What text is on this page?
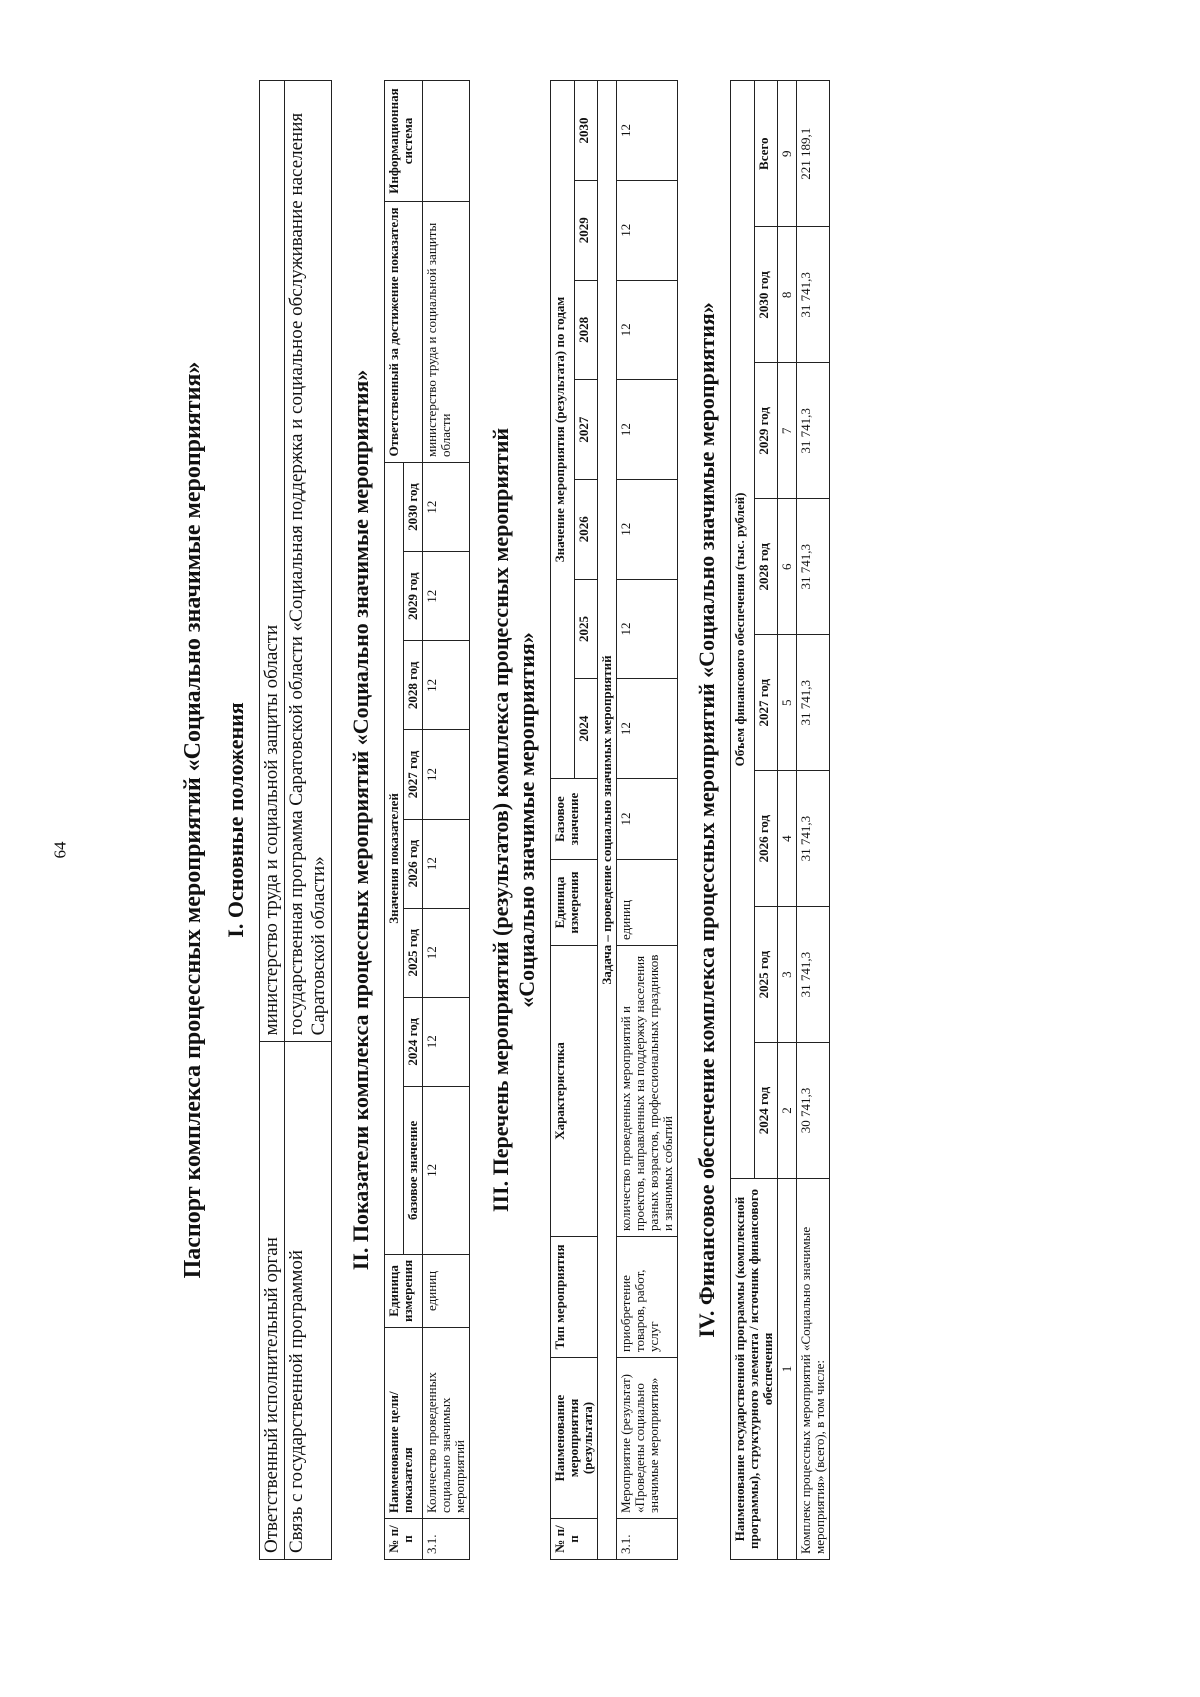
64	Паспорт комплекса процессных мероприятий «Социально значимые мероприятия» I. Основные положения
Ответственный исполнительный орган	министерство труда и социальной защиты области
Связь с государственной программой	государственная программа Саратовской области «Социальная поддержка и социальное обслуживание населения Саратовской области» II. Показатели комплекса процессных мероприятий «Социально значимые мероприятия»
№ п/п	Наименование цели/показателя	Единица измерения	Значения показателей								Ответственный за достижение показателя	Информационная система
			базовое значение	2024 год	2025 год	2026 год	2027 год	2028 год	2029 год	2030 год		
3.1.	Количество проведенных социально значимых мероприятий	единиц	12	12	12	12	12	12	12	12	министерство труда и социальной защиты области	III. Перечень мероприятий (результатов) комплекса процессных мероприятий «Социально значимые мероприятия»
№ п/п	Наименование мероприятия (результата)	Тип мероприятия	Характеристика	Единица измерения	Базовое значение	Значение мероприятия (результата) по годам						
						2024	2025	2026	2027	2028	2029	2030
Задача – проведение социально значимых мероприятий												
3.1.	Мероприятие (результат) «Проведены социально значимые мероприятия»	приобретение товаров, работ, услуг	количество проведенных мероприятий и проектов, направленных на поддержку населения разных возрастов, профессиональных праздников и значимых событий	единиц	12	12	12	12	12	12	12	12
IV. Финансовое обеспечение комплекса процессных мероприятий «Социально значимые мероприятия»
Наименование государственной программы (комплексной программы), структурного элемента / источник финансового обеспечения	Объем финансового обеспечения (тыс. рублей)							
	2024 год	2025 год	2026 год	2027 год	2028 год	2029 год	2030 год	Всего
1	2	3	4	5	6	7	8	9
Комплекс процессных мероприятий «Социально значимые мероприятия» (всего), в том числе:	30 741,3	31 741,3	31 741,3	31 741,3	31 741,3	31 741,3	31 741,3	221 189,1
